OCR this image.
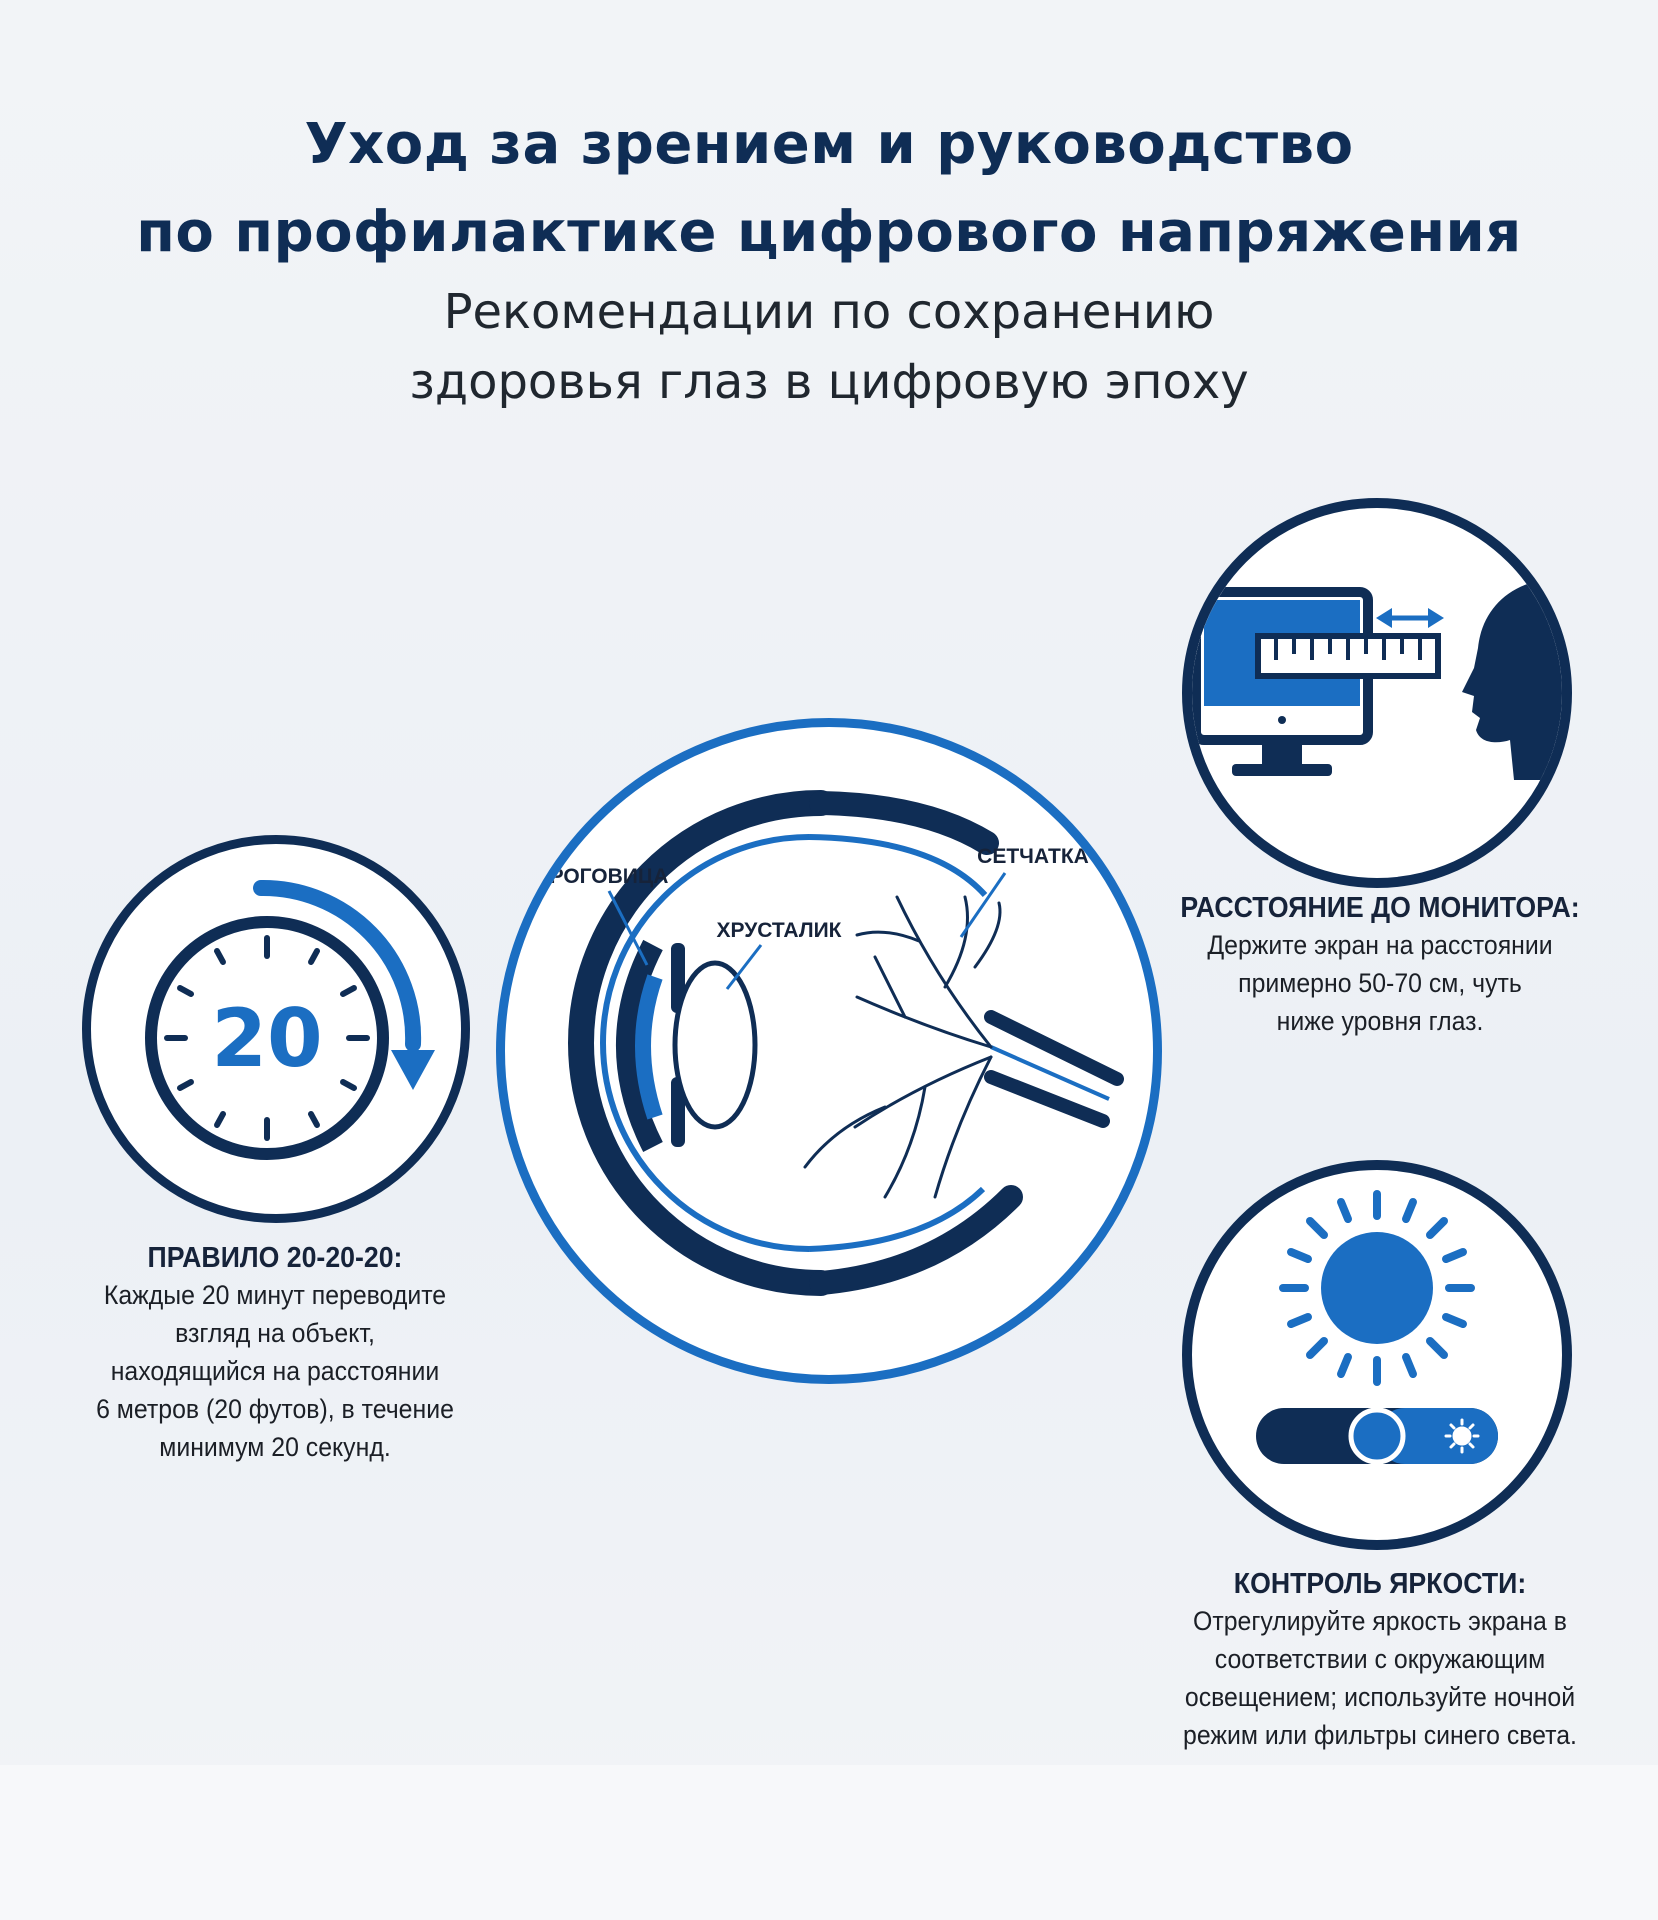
Уход за зрением и руководство
по профилактике цифрового напряжения
Рекомендации по сохранению
здоровья глаз в цифровую эпоху
РОГОВИЦА
ХРУСТАЛИК
СЕТЧАТКА
20
ПРАВИЛО 20-20-20:
Каждые 20 минут переводите
взгляд на объект,
находящийся на расстоянии
6 метров (20 футов), в течение
минимум 20 секунд.
РАССТОЯНИЕ ДО МОНИТОРА:
Держите экран на расстоянии
примерно 50-70 см, чуть
ниже уровня глаз.
КОНТРОЛЬ ЯРКОСТИ:
Отрегулируйте яркость экрана в
соответствии с окружающим
освещением; используйте ночной
режим или фильтры синего света.
